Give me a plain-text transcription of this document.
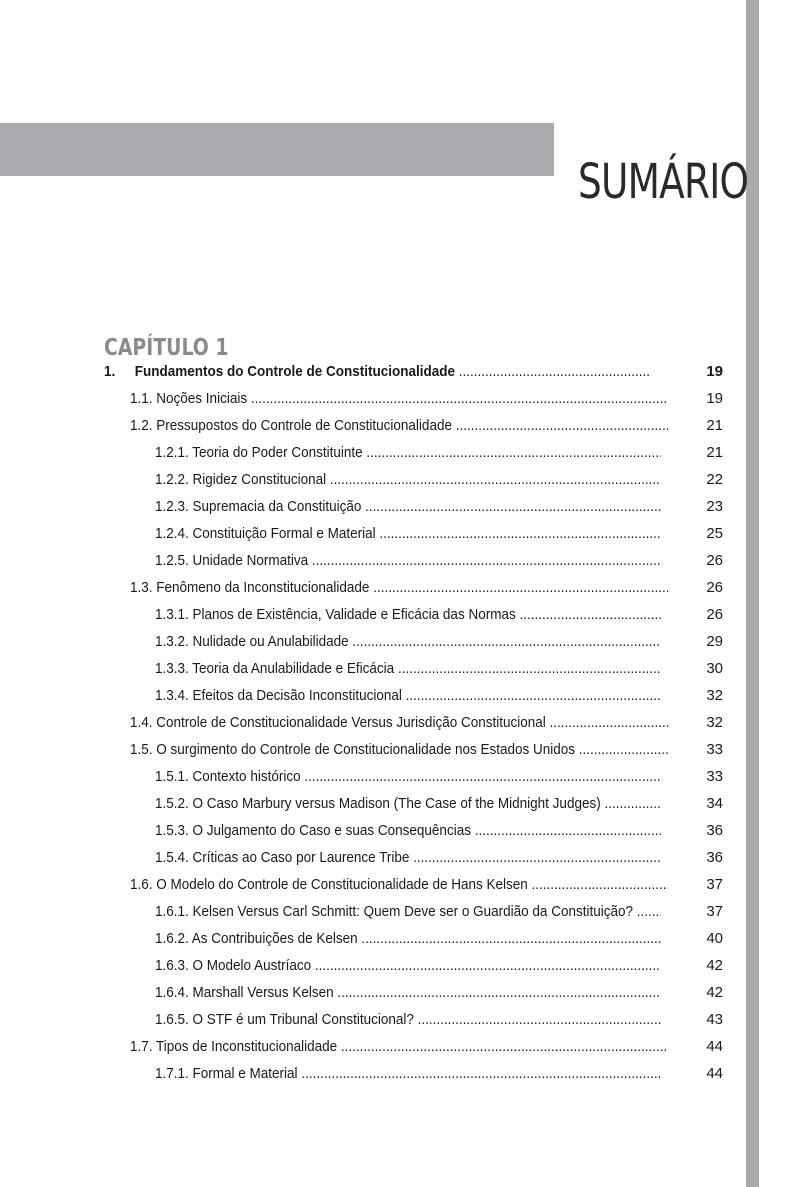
SUMÁRIO
CAPÍTULO 1
1. Fundamentos do Controle de Constitucionalidade .....	19
1.1. Noções Iniciais .....	19
1.2. Pressupostos do Controle de Constitucionalidade .....	21
1.2.1. Teoria do Poder Constituinte .....	21
1.2.2. Rigidez Constitucional .....	22
1.2.3. Supremacia da Constituição .....	23
1.2.4. Constituição Formal e Material .....	25
1.2.5. Unidade Normativa .....	26
1.3. Fenômeno da Inconstitucionalidade .....	26
1.3.1. Planos de Existência, Validade e Eficácia das Normas .....	26
1.3.2. Nulidade ou Anulabilidade .....	29
1.3.3. Teoria da Anulabilidade e Eficácia .....	30
1.3.4. Efeitos da Decisão Inconstitucional .....	32
1.4. Controle de Constitucionalidade Versus Jurisdição Constitucional .....	32
1.5. O surgimento do Controle de Constitucionalidade nos Estados Unidos .....	33
1.5.1. Contexto histórico .....	33
1.5.2. O Caso Marbury versus Madison (The Case of the Midnight Judges) .....	34
1.5.3. O Julgamento do Caso e suas Consequências .....	36
1.5.4. Críticas ao Caso por Laurence Tribe .....	36
1.6. O Modelo do Controle de Constitucionalidade de Hans Kelsen .....	37
1.6.1. Kelsen Versus Carl Schmitt: Quem Deve ser o Guardião da Constituição? .....	37
1.6.2. As Contribuições de Kelsen .....	40
1.6.3. O Modelo Austríaco .....	42
1.6.4. Marshall Versus Kelsen .....	42
1.6.5. O STF é um Tribunal Constitucional? .....	43
1.7. Tipos de Inconstitucionalidade .....	44
1.7.1. Formal e Material .....	44
